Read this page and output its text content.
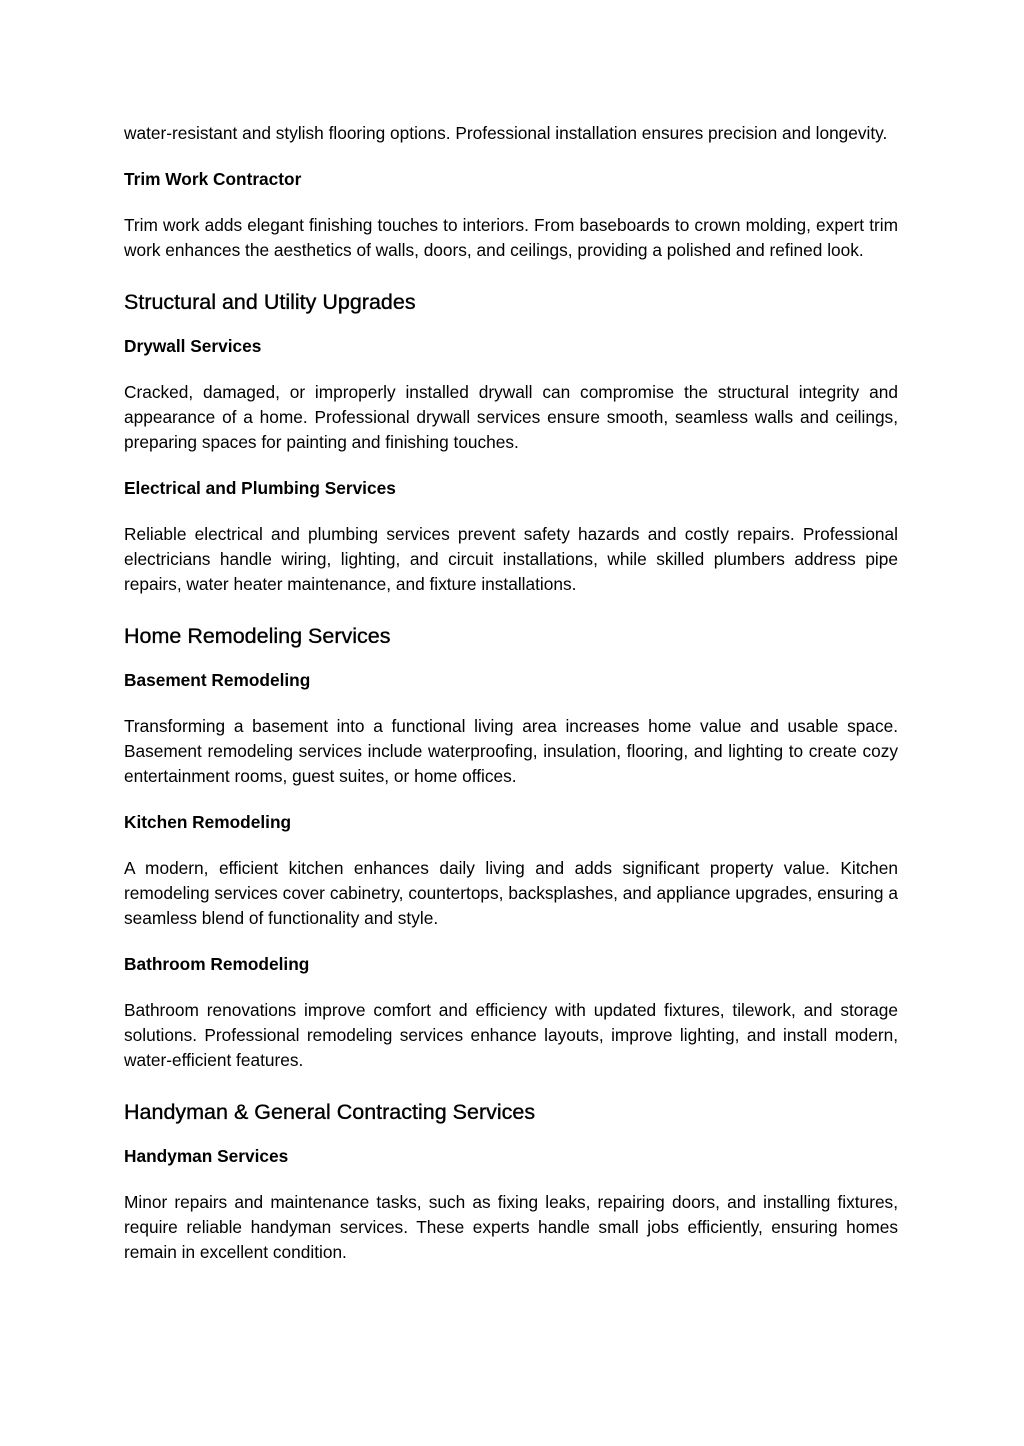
water-resistant and stylish flooring options. Professional installation ensures precision and longevity.

Trim Work Contractor

Trim work adds elegant finishing touches to interiors. From baseboards to crown molding, expert trim work enhances the aesthetics of walls, doors, and ceilings, providing a polished and refined look.

Structural and Utility Upgrades
Drywall Services

Cracked, damaged, or improperly installed drywall can compromise the structural integrity and appearance of a home. Professional drywall services ensure smooth, seamless walls and ceilings, preparing spaces for painting and finishing touches.

Electrical and Plumbing Services

Reliable electrical and plumbing services prevent safety hazards and costly repairs. Professional electricians handle wiring, lighting, and circuit installations, while skilled plumbers address pipe repairs, water heater maintenance, and fixture installations.

Home Remodeling Services
Basement Remodeling

Transforming a basement into a functional living area increases home value and usable space. Basement remodeling services include waterproofing, insulation, flooring, and lighting to create cozy entertainment rooms, guest suites, or home offices.

Kitchen Remodeling

A modern, efficient kitchen enhances daily living and adds significant property value. Kitchen remodeling services cover cabinetry, countertops, backsplashes, and appliance upgrades, ensuring a seamless blend of functionality and style.

Bathroom Remodeling

Bathroom renovations improve comfort and efficiency with updated fixtures, tilework, and storage solutions. Professional remodeling services enhance layouts, improve lighting, and install modern, water-efficient features.

Handyman & General Contracting Services
Handyman Services

Minor repairs and maintenance tasks, such as fixing leaks, repairing doors, and installing fixtures, require reliable handyman services. These experts handle small jobs efficiently, ensuring homes remain in excellent condition.
